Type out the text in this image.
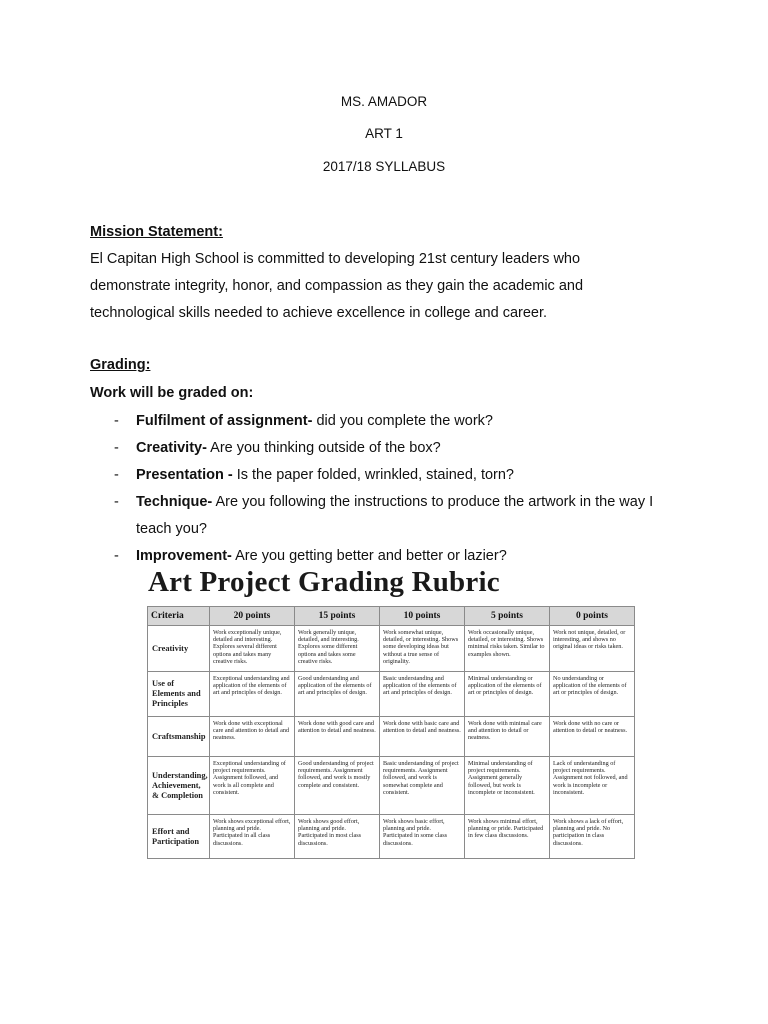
MS. AMADOR
ART 1
2017/18 SYLLABUS
Mission Statement:
El Capitan High School is committed to developing 21st century leaders who
demonstrate integrity, honor, and compassion as they gain the academic and
technological skills needed to achieve excellence in college and career.
Grading:
Work will be graded on:
- Fulfilment of assignment- did you complete the work?
- Creativity- Are you thinking outside of the box?
- Presentation - Is the paper folded, wrinkled, stained, torn?
- Technique- Are you following the instructions to produce the artwork in the way I teach you?
- Improvement- Are you getting better and better or lazier?
Art Project Grading Rubric
Criteria	20 points	15 points	10 points	5 points	0 points
Creativity	Work exceptionally unique, detailed and interesting. Explores several different options and takes many creative risks.	Work generally unique, detailed, and interesting. Explores some different options and takes some creative risks.	Work somewhat unique, detailed, or interesting. Shows some developing ideas but without a true sense of originality.	Work occasionally unique, detailed, or interesting. Shows minimal risks taken. Similar to examples shown.	Work not unique, detailed, or interesting, and shows no original ideas or risks taken.
Use of Elements and Principles	Exceptional understanding and application of the elements of art and principles of design.	Good understanding and application of the elements of art and principles of design.	Basic understanding and application of the elements of art and principles of design.	Minimal understanding or application of the elements of art or principles of design.	No understanding or application of the elements of art or principles of design.
Craftsmanship	Work done with exceptional care and attention to detail and neatness.	Work done with good care and attention to detail and neatness.	Work done with basic care and attention to detail and neatness.	Work done with minimal care and attention to detail or neatness.	Work done with no care or attention to detail or neatness.
Understanding, Achievement, & Completion	Exceptional understanding of project requirements. Assignment followed, and work is all complete and consistent.	Good understanding of project requirements. Assignment followed, and work is mostly complete and consistent.	Basic understanding of project requirements. Assignment followed, and work is somewhat complete and consistent.	Minimal understanding of project requirements. Assignment generally followed, but work is incomplete or inconsistent.	Lack of understanding of project requirements. Assignment not followed, and work is incomplete or inconsistent.
Effort and Participation	Work shows exceptional effort, planning and pride. Participated in all class discussions.	Work shows good effort, planning and pride. Participated in most class discussions.	Work shows basic effort, planning and pride. Participated in some class discussions.	Work shows minimal effort, planning or pride. Participated in few class discussions.	Work shows a lack of effort, planning and pride. No participation in class discussions.
